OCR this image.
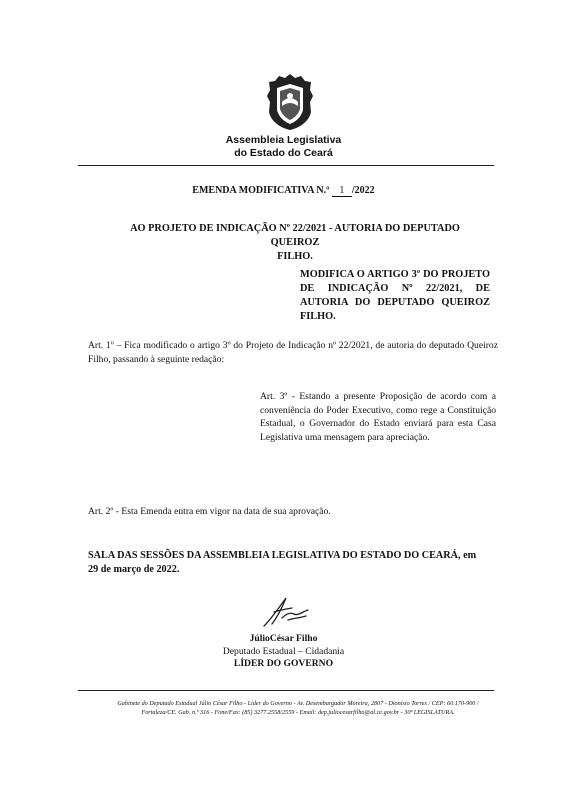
Assembleia Legislativa
do Estado do Ceará
EMENDA MODIFICATIVA N.º 1 /2022
AO PROJETO DE INDICAÇÃO Nº 22/2021 - AUTORIA DO DEPUTADO QUEIROZ
FILHO.
MODIFICA O ARTIGO 3º DO PROJETO
DE INDICAÇÃO Nº 22/2021, DE
AUTORIA DO DEPUTADO QUEIROZ
FILHO.
Art. 1º – Fica modificado o artigo 3º do Projeto de Indicação nº 22/2021, de autoria do deputado Queiroz Filho, passando à seguinte redação:
Art. 3º - Estando a presente Proposição de acordo com a conveniência do Poder Executivo, como rege a Constituição Estadual, o Governador do Estado enviará para esta Casa Legislativa uma mensagem para apreciação.
Art. 2º - Esta Emenda entra em vigor na data de sua aprovação.
SALA DAS SESSÕES DA ASSEMBLEIA LEGISLATIVA DO ESTADO DO CEARÁ, em
29 de março de 2022.
JúlioCésar Filho
Deputado Estadual – Cidadania
LÍDER DO GOVERNO
Gabinete do Deputado Estadual Júlio César Filho - Líder do Governo - Av. Desembargador Moreira, 2807 - Dionísio Torres / CEP: 60.170-900 /
Fortaleza/CE. Gab. n.º 316 - Fone/Fax: (85) 3277.2558/2559 - Email: dep.juliocesarfilho@al.ce.gov.br - 30ª LEGISLATURA.
